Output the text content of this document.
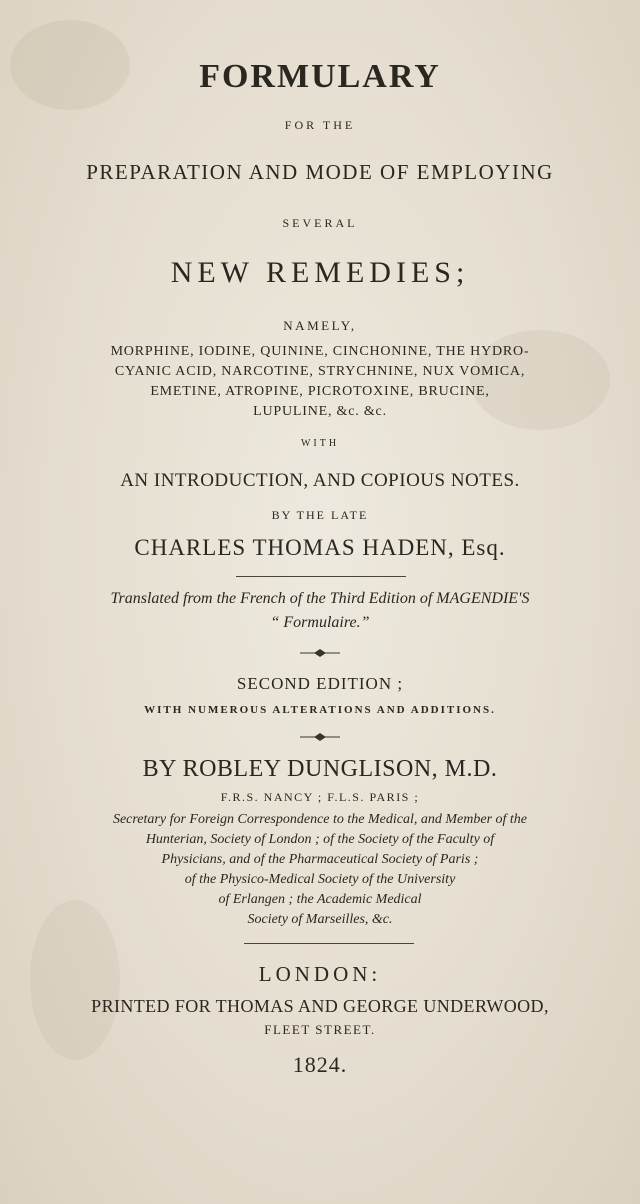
FORMULARY
FOR THE
PREPARATION AND MODE OF EMPLOYING
SEVERAL
NEW REMEDIES;
NAMELY,
MORPHINE, IODINE, QUININE, CINCHONINE, THE HYDRO-
CYANIC ACID, NARCOTINE, STRYCHNINE, NUX VOMICA,
EMETINE, ATROPINE, PICROTOXINE, BRUCINE,
LUPULINE, &c. &c.
WITH
AN INTRODUCTION, AND COPIOUS NOTES.
BY THE LATE
CHARLES THOMAS HADEN, Esq.
Translated from the French of the Third Edition of MAGENDIE'S
“ Formulaire.”
SECOND EDITION ;
WITH NUMEROUS ALTERATIONS AND ADDITIONS.
BY ROBLEY DUNGLISON, M.D.
F.R.S. NANCY ; F.L.S. PARIS ;
Secretary for Foreign Correspondence to the Medical, and Member of the
Hunterian, Society of London ; of the Society of the Faculty of
Physicians, and of the Pharmaceutical Society of Paris ;
of the Physico-Medical Society of the University
of Erlangen ; the Academic Medical
Society of Marseilles, &c.
LONDON:
PRINTED FOR THOMAS AND GEORGE UNDERWOOD,
FLEET STREET.
1824.
